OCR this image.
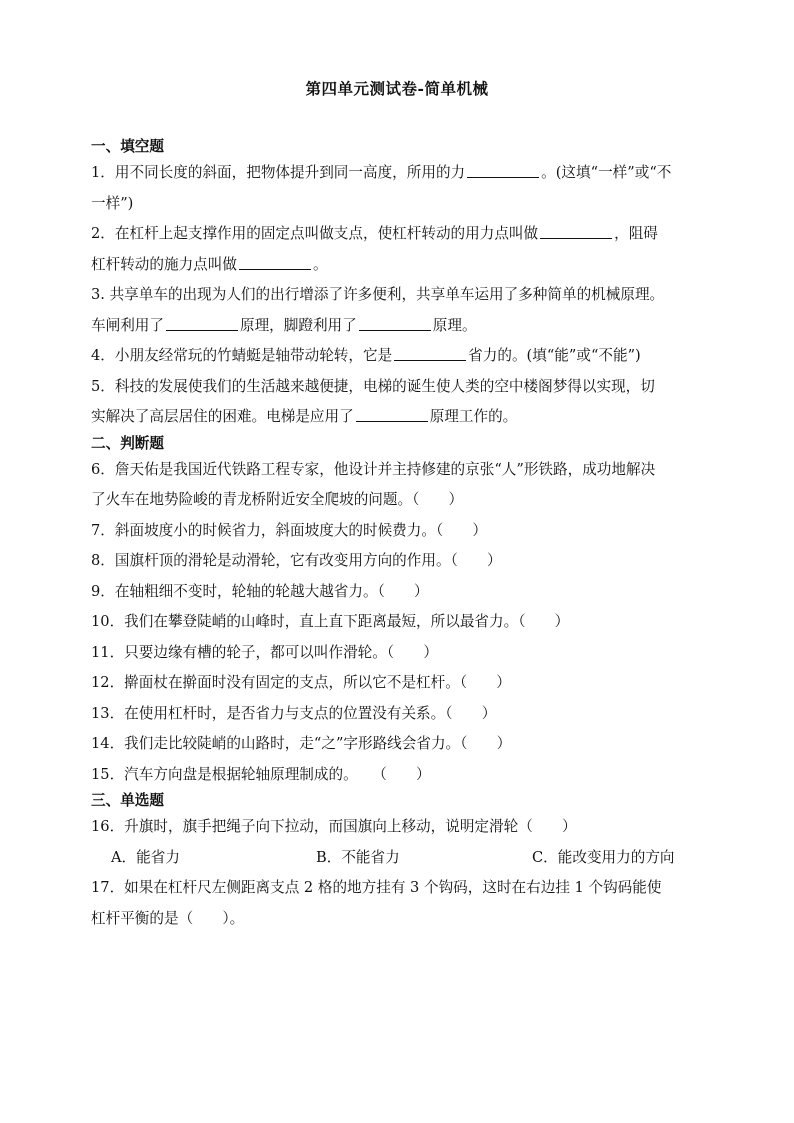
第四单元测试卷-简单机械
一、填空题
1．用不同长度的斜面，把物体提升到同一高度，所用的力	。(这填“一样”或“不
一样”)
2．在杠杆上起支撑作用的固定点叫做支点，使杠杆转动的用力点叫做	，阻碍
杠杆转动的施力点叫做	。
3. 共享单车的出现为人们的出行增添了许多便利，共享单车运用了多种简单的机械原理。
车闸利用了	原理，脚蹬利用了	原理。
4．小朋友经常玩的竹蜻蜓是轴带动轮转，它是	省力的。(填“能”或“不能”)
5．科技的发展使我们的生活越来越便捷，电梯的诞生使人类的空中楼阁梦得以实现，切
实解决了高层居住的困难。电梯是应用了	原理工作的。
二、判断题
6．詹天佑是我国近代铁路工程专家，他设计并主持修建的京张“人”形铁路，成功地解决
了火车在地势险峻的青龙桥附近安全爬坡的问题。（　　）
7．斜面坡度小的时候省力，斜面坡度大的时候费力。（　　）
8．国旗杆顶的滑轮是动滑轮，它有改变用方向的作用。（　　）
9．在轴粗细不变时，轮轴的轮越大越省力。（　　）
10．我们在攀登陡峭的山峰时，直上直下距离最短，所以最省力。（　　）
11．只要边缘有槽的轮子，都可以叫作滑轮。（　　）
12．擀面杖在擀面时没有固定的支点，所以它不是杠杆。（　　）
13．在使用杠杆时，是否省力与支点的位置没有关系。（　　）
14．我们走比较陡峭的山路时，走“之”字形路线会省力。（　　）
15．汽车方向盘是根据轮轴原理制成的。　　（　　）
三、单选题
16．升旗时，旗手把绳子向下拉动，而国旗向上移动，说明定滑轮（　　）
A．能省力	B．不能省力	C．能改变用力的方向
17．如果在杠杆尺左侧距离支点 2 格的地方挂有 3 个钩码，这时在右边挂 1 个钩码能使
杠杆平衡的是（　　）。
